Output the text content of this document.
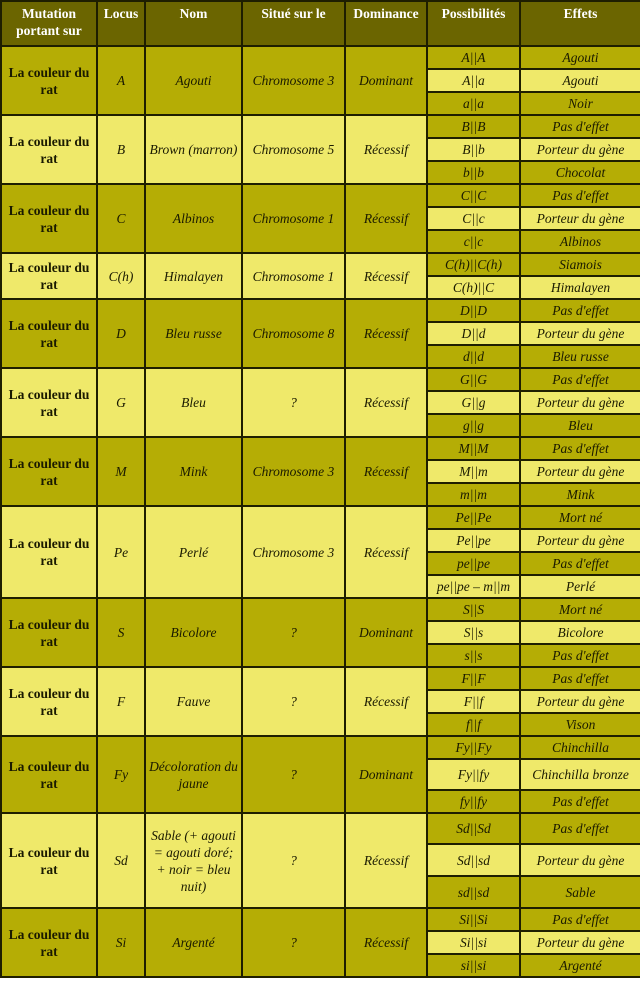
Mutation portant sur	Locus	Nom	Situé sur le	Dominance	Possibilités	Effets
La couleur du rat	A	Agouti	Chromosome 3	Dominant	A||A	Agouti
					A||a	Agouti
					a||a	Noir
La couleur du rat	B	Brown (marron)	Chromosome 5	Récessif	B||B	Pas d'effet
					B||b	Porteur du gène
					b||b	Chocolat
La couleur du rat	C	Albinos	Chromosome 1	Récessif	C||C	Pas d'effet
					C||c	Porteur du gène
					c||c	Albinos
La couleur du rat	C(h)	Himalayen	Chromosome 1	Récessif	C(h)||C(h)	Siamois
					C(h)||C	Himalayen
La couleur du rat	D	Bleu russe	Chromosome 8	Récessif	D||D	Pas d'effet
					D||d	Porteur du gène
					d||d	Bleu russe
La couleur du rat	G	Bleu	?	Récessif	G||G	Pas d'effet
					G||g	Porteur du gène
					g||g	Bleu
La couleur du rat	M	Mink	Chromosome 3	Récessif	M||M	Pas d'effet
					M||m	Porteur du gène
					m||m	Mink
La couleur du rat	Pe	Perlé	Chromosome 3	Récessif	Pe||Pe	Mort né
					Pe||pe	Porteur du gène
					pe||pe	Pas d'effet
					pe||pe – m||m	Perlé
La couleur du rat	S	Bicolore	?	Dominant	S||S	Mort né
					S||s	Bicolore
					s||s	Pas d'effet
La couleur du rat	F	Fauve	?	Récessif	F||F	Pas d'effet
					F||f	Porteur du gène
					f||f	Vison
La couleur du rat	Fy	Décoloration du jaune	?	Dominant	Fy||Fy	Chinchilla
					Fy||fy	Chinchilla bronze
					fy||fy	Pas d'effet
La couleur du rat	Sd	Sable (+ agouti = agouti doré; + noir = bleu nuit)	?	Récessif	Sd||Sd	Pas d'effet
					Sd||sd	Porteur du gène
					sd||sd	Sable
La couleur du rat	Si	Argenté	?	Récessif	Si||Si	Pas d'effet
					Si||si	Porteur du gène
					si||si	Argenté
